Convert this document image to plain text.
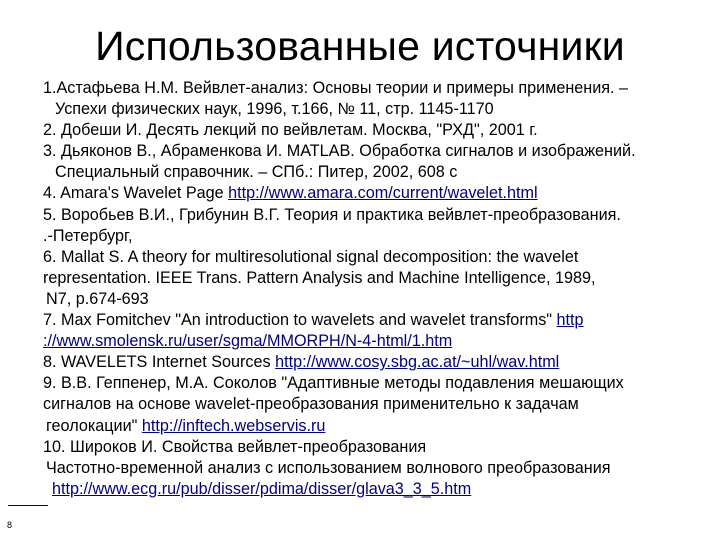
Использованные источники
1.Астафьева Н.М. Вейвлет-анализ: Основы теории и примеры применения. –
Успехи физических наук, 1996, т.166, № 11, стр. 1145-1170
2. Добеши И. Десять лекций по вейвлетам. Москва, "РХД", 2001 г.
3. Дьяконов В., Абраменкова И. MATLAB. Обработка сигналов и изображений.
Специальный справочник. – СПб.: Питер, 2002, 608 с
4. Amara's Wavelet Page http://www.amara.com/current/wavelet.html
5. Воробьев В.И., Грибунин В.Г. Теория и практика вейвлет-преобразования.
.-Петербург,
6. Mallat S. A theory for multiresolutional signal decomposition: the wavelet
representation. IEEE Trans. Pattern Analysis and Machine Intelligence, 1989,
N7, p.674-693
7. Max Fomitchev "An introduction to wavelets and wavelet transforms" http
://www.smolensk.ru/user/sgma/MMORPH/N-4-html/1.htm
8. WAVELETS Internet Sources http://www.cosy.sbg.ac.at/~uhl/wav.html
9. В.В. Геппенер, М.А. Соколов "Адаптивные методы подавления мешающих
сигналов на основе wavelet-преобразования применительно к задачам
геолокации" http://inftech.webservis.ru
10. Широков И. Свойства вейвлет-преобразования
Частотно-временной анализ с использованием волнового преобразования
http://www.ecg.ru/pub/disser/pdima/disser/glava3_3_5.htm
8
